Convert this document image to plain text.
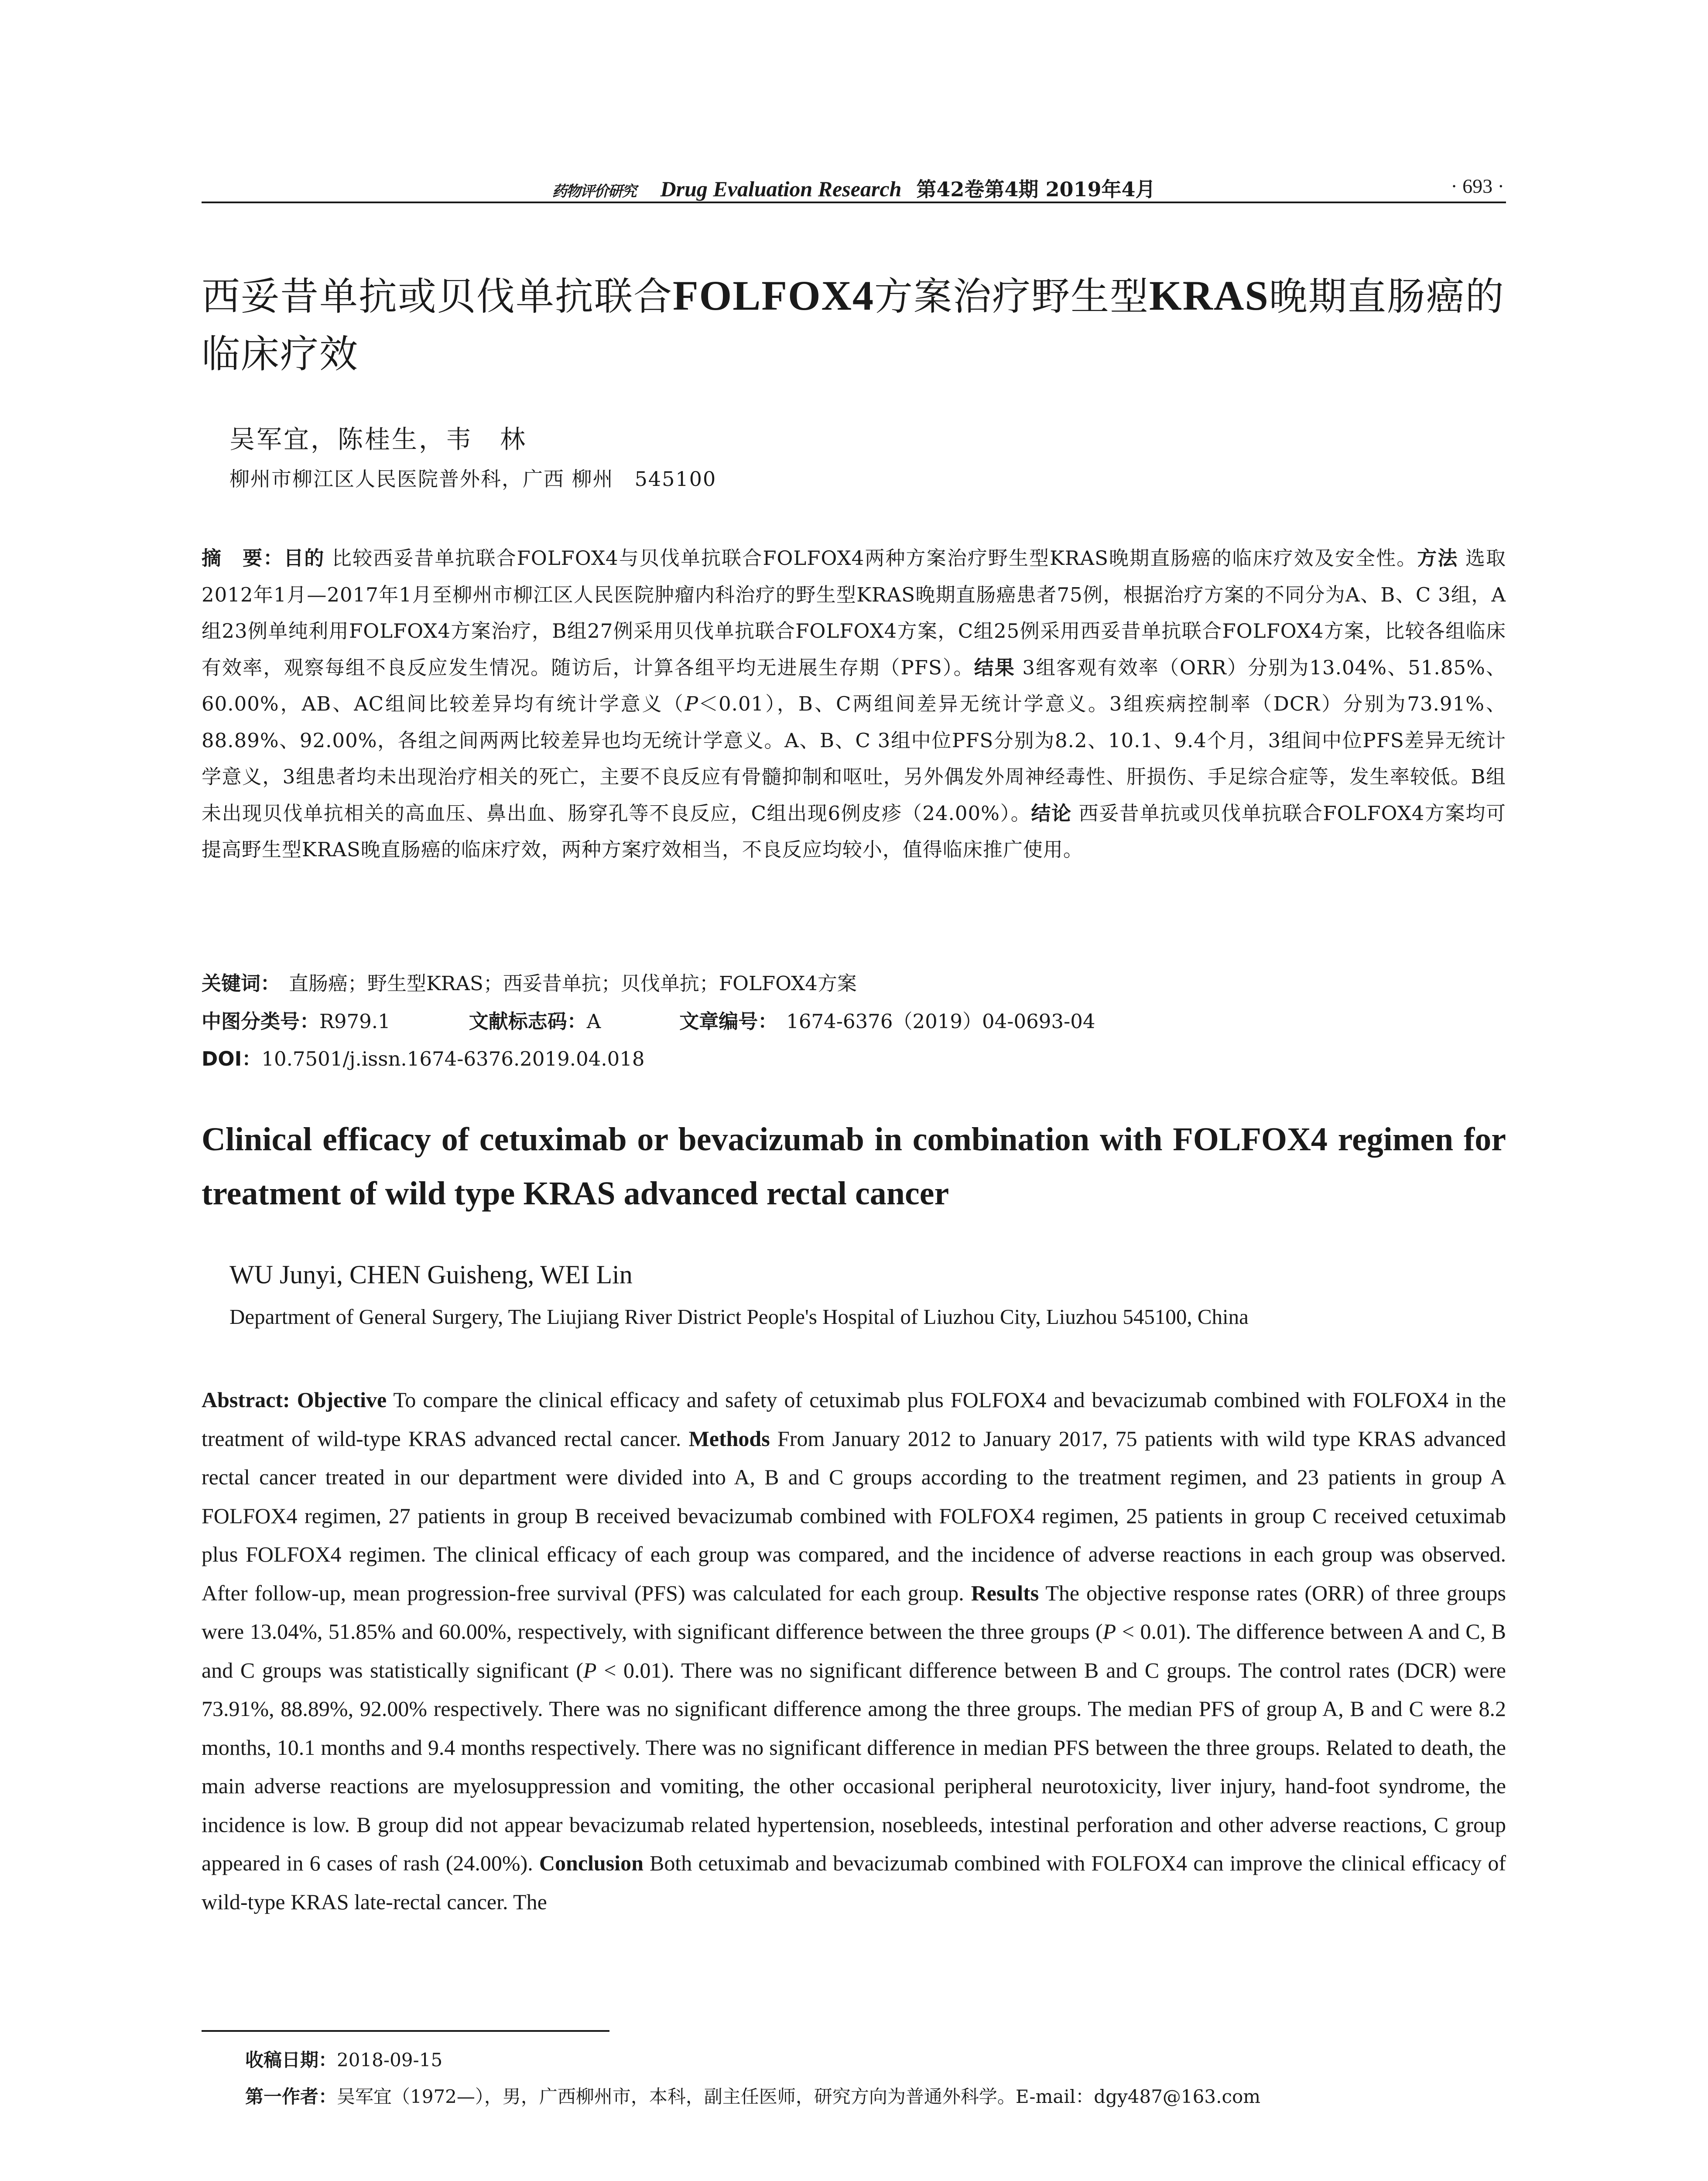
药物评价研究 Drug Evaluation Research 第42卷第4期 2019年4月	· 693 ·
西妥昔单抗或贝伐单抗联合FOLFOX4方案治疗野生型KRAS晚期直肠癌的临床疗效
吴军宜，陈桂生，韦　林
柳州市柳江区人民医院普外科，广西 柳州　545100
摘　要：目的 比较西妥昔单抗联合FOLFOX4与贝伐单抗联合FOLFOX4两种方案治疗野生型KRAS晚期直肠癌的临床疗效及安全性。方法 选取2012年1月—2017年1月至柳州市柳江区人民医院肿瘤内科治疗的野生型KRAS晚期直肠癌患者75例，根据治疗方案的不同分为A、B、C 3组，A组23例单纯利用FOLFOX4方案治疗，B组27例采用贝伐单抗联合FOLFOX4方案，C组25例采用西妥昔单抗联合FOLFOX4方案，比较各组临床有效率，观察每组不良反应发生情况。随访后，计算各组平均无进展生存期（PFS）。结果 3组客观有效率（ORR）分别为13.04%、51.85%、60.00%，AB、AC组间比较差异均有统计学意义（P＜0.01），B、C两组间差异无统计学意义。3组疾病控制率（DCR）分别为73.91%、88.89%、92.00%，各组之间两两比较差异也均无统计学意义。A、B、C 3组中位PFS分别为8.2、10.1、9.4个月，3组间中位PFS差异无统计学意义，3组患者均未出现治疗相关的死亡，主要不良反应有骨髓抑制和呕吐，另外偶发外周神经毒性、肝损伤、手足综合症等，发生率较低。B组未出现贝伐单抗相关的高血压、鼻出血、肠穿孔等不良反应，C组出现6例皮疹（24.00%）。结论 西妥昔单抗或贝伐单抗联合FOLFOX4方案均可提高野生型KRAS晚直肠癌的临床疗效，两种方案疗效相当，不良反应均较小，值得临床推广使用。
关键词： 直肠癌；野生型KRAS；西妥昔单抗；贝伐单抗；FOLFOX4方案
中图分类号：R979.1	文献标志码：A	文章编号： 1674-6376（2019）04-0693-04
DOI：10.7501/j.issn.1674-6376.2019.04.018
Clinical efficacy of cetuximab or bevacizumab in combination with FOLFOX4 regimen for treatment of wild type KRAS advanced rectal cancer
WU Junyi, CHEN Guisheng, WEI Lin
Department of General Surgery, The Liujiang River District People's Hospital of Liuzhou City, Liuzhou 545100, China
Abstract: Objective To compare the clinical efficacy and safety of cetuximab plus FOLFOX4 and bevacizumab combined with FOLFOX4 in the treatment of wild-type KRAS advanced rectal cancer. Methods From January 2012 to January 2017, 75 patients with wild type KRAS advanced rectal cancer treated in our department were divided into A, B and C groups according to the treatment regimen, and 23 patients in group A FOLFOX4 regimen, 27 patients in group B received bevacizumab combined with FOLFOX4 regimen, 25 patients in group C received cetuximab plus FOLFOX4 regimen. The clinical efficacy of each group was compared, and the incidence of adverse reactions in each group was observed. After follow-up, mean progression-free survival (PFS) was calculated for each group. Results The objective response rates (ORR) of three groups were 13.04%, 51.85% and 60.00%, respectively, with significant difference between the three groups (P < 0.01). The difference between A and C, B and C groups was statistically significant (P < 0.01). There was no significant difference between B and C groups. The control rates (DCR) were 73.91%, 88.89%, 92.00% respectively. There was no significant difference among the three groups. The median PFS of group A, B and C were 8.2 months, 10.1 months and 9.4 months respectively. There was no significant difference in median PFS between the three groups. Related to death, the main adverse reactions are myelosuppression and vomiting, the other occasional peripheral neurotoxicity, liver injury, hand-foot syndrome, the incidence is low. B group did not appear bevacizumab related hypertension, nosebleeds, intestinal perforation and other adverse reactions, C group appeared in 6 cases of rash (24.00%). Conclusion Both cetuximab and bevacizumab combined with FOLFOX4 can improve the clinical efficacy of wild-type KRAS late-rectal cancer. The
收稿日期：2018-09-15
第一作者：吴军宜（1972—），男，广西柳州市，本科，副主任医师，研究方向为普通外科学。E-mail：dgy487@163.com
